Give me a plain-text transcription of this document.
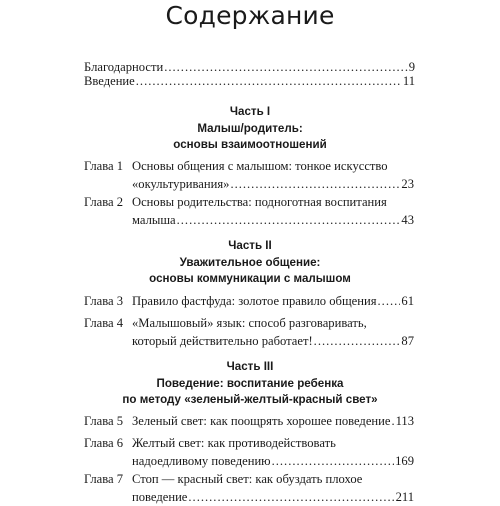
Содержание
Благодарности .....	9
Введение .....	11
Часть I
Малыш/родитель:
основы взаимоотношений
Глава 1 Основы общения с малышом: тонкое искусство
«окультуривания» .....	23
Глава 2 Основы родительства: подноготная воспитания
малыша .....	43
Часть II
Уважительное общение:
основы коммуникации с малышом
Глава 3 Правило фастфуда: золотое правило общения ..... 61
Глава 4 «Малышовый» язык: способ разговаривать,
который действительно работает! .....	87
Часть III
Поведение: воспитание ребенка
по методу «зеленый-желтый-красный свет»
Глава 5 Зеленый свет: как поощрять хорошее поведение ..... 113
Глава 6 Желтый свет: как противодействовать
надоедливому поведению .....	169
Глава 7 Стоп — красный свет: как обуздать плохое
поведение .....	211
